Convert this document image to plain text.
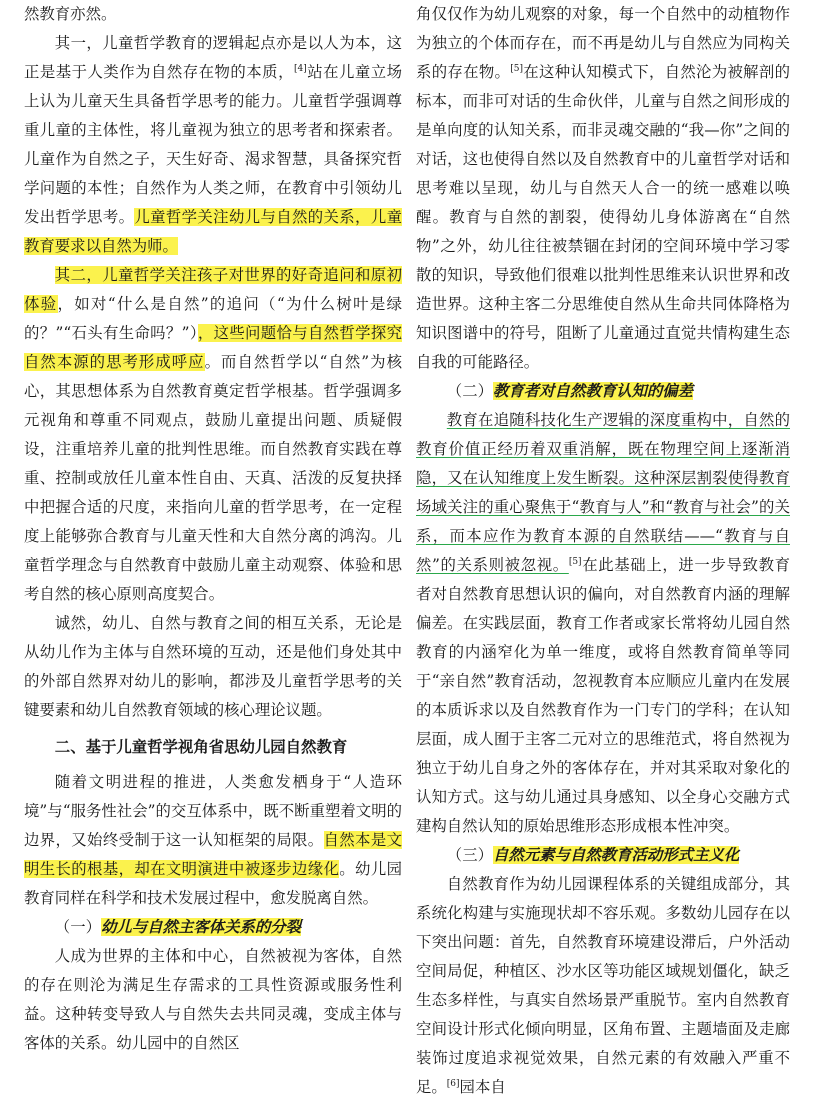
然教育亦然。

其一，儿童哲学教育的逻辑起点亦是以人为本，这正是基于人类作为自然存在物的本质，[4]站在儿童立场上认为儿童天生具备哲学思考的能力。儿童哲学强调尊重儿童的主体性，将儿童视为独立的思考者和探索者。儿童作为自然之子，天生好奇、渴求智慧，具备探究哲学问题的本性；自然作为人类之师，在教育中引领幼儿发出哲学思考。儿童哲学关注幼儿与自然的关系，儿童教育要求以自然为师。

其二，儿童哲学关注孩子对世界的好奇追问和原初体验，如对“什么是自然”的追问（“为什么树叶是绿的？”“石头有生命吗？”），这些问题恰与自然哲学探究自然本源的思考形成呼应。而自然哲学以“自然”为核心，其思想体系为自然教育奠定哲学根基。哲学强调多元视角和尊重不同观点，鼓励儿童提出问题、质疑假设，注重培养儿童的批判性思维。而自然教育实践在尊重、控制或放任儿童本性自由、天真、活泼的反复抉择中把握合适的尺度，来指向儿童的哲学思考，在一定程度上能够弥合教育与儿童天性和大自然分离的鸿沟。儿童哲学理念与自然教育中鼓励儿童主动观察、体验和思考自然的核心原则高度契合。

诚然，幼儿、自然与教育之间的相互关系，无论是从幼儿作为主体与自然环境的互动，还是他们身处其中的外部自然界对幼儿的影响，都涉及儿童哲学思考的关键要素和幼儿自然教育领域的核心理论议题。

二、基于儿童哲学视角省思幼儿园自然教育

随着文明进程的推进，人类愈发栖身于“人造环境”与“服务性社会”的交互体系中，既不断重塑着文明的边界，又始终受制于这一认知框架的局限。自然本是文明生长的根基，却在文明演进中被逐步边缘化。幼儿园教育同样在科学和技术发展过程中，愈发脱离自然。

（一）幼儿与自然主客体关系的分裂

人成为世界的主体和中心，自然被视为客体，自然的存在则沦为满足生存需求的工具性资源或服务性利益。这种转变导致人与自然失去共同灵魂，变成主体与客体的关系。幼儿园中的自然区

角仅仅作为幼儿观察的对象，每一个自然中的动植物作为独立的个体而存在，而不再是幼儿与自然应为同构关系的存在物。[5]在这种认知模式下，自然沦为被解剖的标本，而非可对话的生命伙伴，儿童与自然之间形成的是单向度的认知关系，而非灵魂交融的“我—你”之间的对话，这也使得自然以及自然教育中的儿童哲学对话和思考难以呈现，幼儿与自然天人合一的统一感难以唤醒。教育与自然的割裂，使得幼儿身体游离在“自然物”之外，幼儿往往被禁锢在封闭的空间环境中学习零散的知识，导致他们很难以批判性思维来认识世界和改造世界。这种主客二分思维使自然从生命共同体降格为知识图谱中的符号，阻断了儿童通过直觉共情构建生态自我的可能路径。

（二）教育者对自然教育认知的偏差

教育在追随科技化生产逻辑的深度重构中，自然的教育价值正经历着双重消解，既在物理空间上逐渐消隐，又在认知维度上发生断裂。这种深层割裂使得教育场域关注的重心聚焦于“教育与人”和“教育与社会”的关系，而本应作为教育本源的自然联结——“教育与自然”的关系则被忽视。[5]在此基础上，进一步导致教育者对自然教育思想认识的偏向，对自然教育内涵的理解偏差。在实践层面，教育工作者或家长常将幼儿园自然教育的内涵窄化为单一维度，或将自然教育简单等同于“亲自然”教育活动，忽视教育本应顺应儿童内在发展的本质诉求以及自然教育作为一门专门的学科；在认知层面，成人囿于主客二元对立的思维范式，将自然视为独立于幼儿自身之外的客体存在，并对其采取对象化的认知方式。这与幼儿通过具身感知、以全身心交融方式建构自然认知的原始思维形态形成根本性冲突。

（三）自然元素与自然教育活动形式主义化

自然教育作为幼儿园课程体系的关键组成部分，其系统化构建与实施现状却不容乐观。多数幼儿园存在以下突出问题：首先，自然教育环境建设滞后，户外活动空间局促，种植区、沙水区等功能区域规划僵化，缺乏生态多样性，与真实自然场景严重脱节。室内自然教育空间设计形式化倾向明显，区角布置、主题墙面及走廊装饰过度追求视觉效果，自然元素的有效融入严重不足。[6]园本自
